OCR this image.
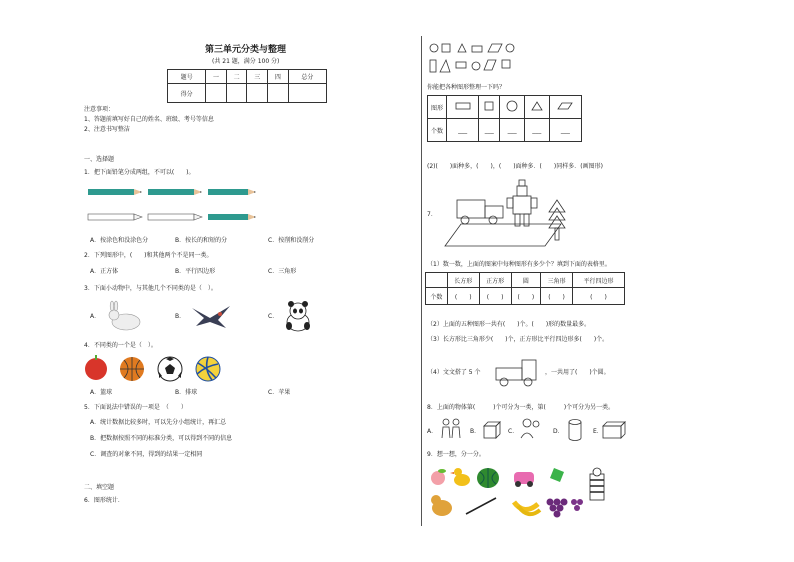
第三单元分类与整理
(共 21 题，满分 100 分)
题号	一	二	三	四	总分
得分					
注意事项：
1、答题前填写好自己的姓名、班级、考号等信息
2、注意书写整洁
一、选择题
1．把下面铅笔分成两组，不可以(　　)。
A．按涂色和没涂色分	B．按长的和短的分	C．按削和没削分
2．下列图形中，(　　)和其他两个不是同一类。
A．正方体	B．平行四边形	C．三角形
3．下面小动物中，与其他几个不同类的是（　）。
A．	B．	C．
4．不同类的一个是（　）。
A．篮球	B．排球	C．苹果
5．下面说法中错误的一项是　（　　）
A．统计数据比较多时，可以先分小组统计，再汇总
B．把数据按照不同的标准分类，可以得到不同的信息
C．调查的对象不同，得到的结果一定相同
二、填空题
6．图形统计．
你能把各种图形整理一下吗？
图形					
个数	___	___	___	___	___
(2)(　　)面种多，(　　)，(　　)面种多．(　　)同样多．(画图形)
7．
（1）数一数，上面的图案中每种图形有多少个？填到下面的表格里。
	长方形	正方形	圆	三角形	平行四边形
个数	(　　)	(　　)	(　　)	(　　)	(　　)
（2）上面的五种图形一共有(　　)个。(　　)形的数量最多。
（3）长方形比三角形少(　　)个，正方形比平行四边形多(　　)个。
（4）文文搭了 5 个	，一共用了(　　)个圆。
8．上面的物体第(　　　)个可分为一类，第(　　　)个可分为另一类。
A．	B．	C．	D．	E．
9．想一想，分一分。
